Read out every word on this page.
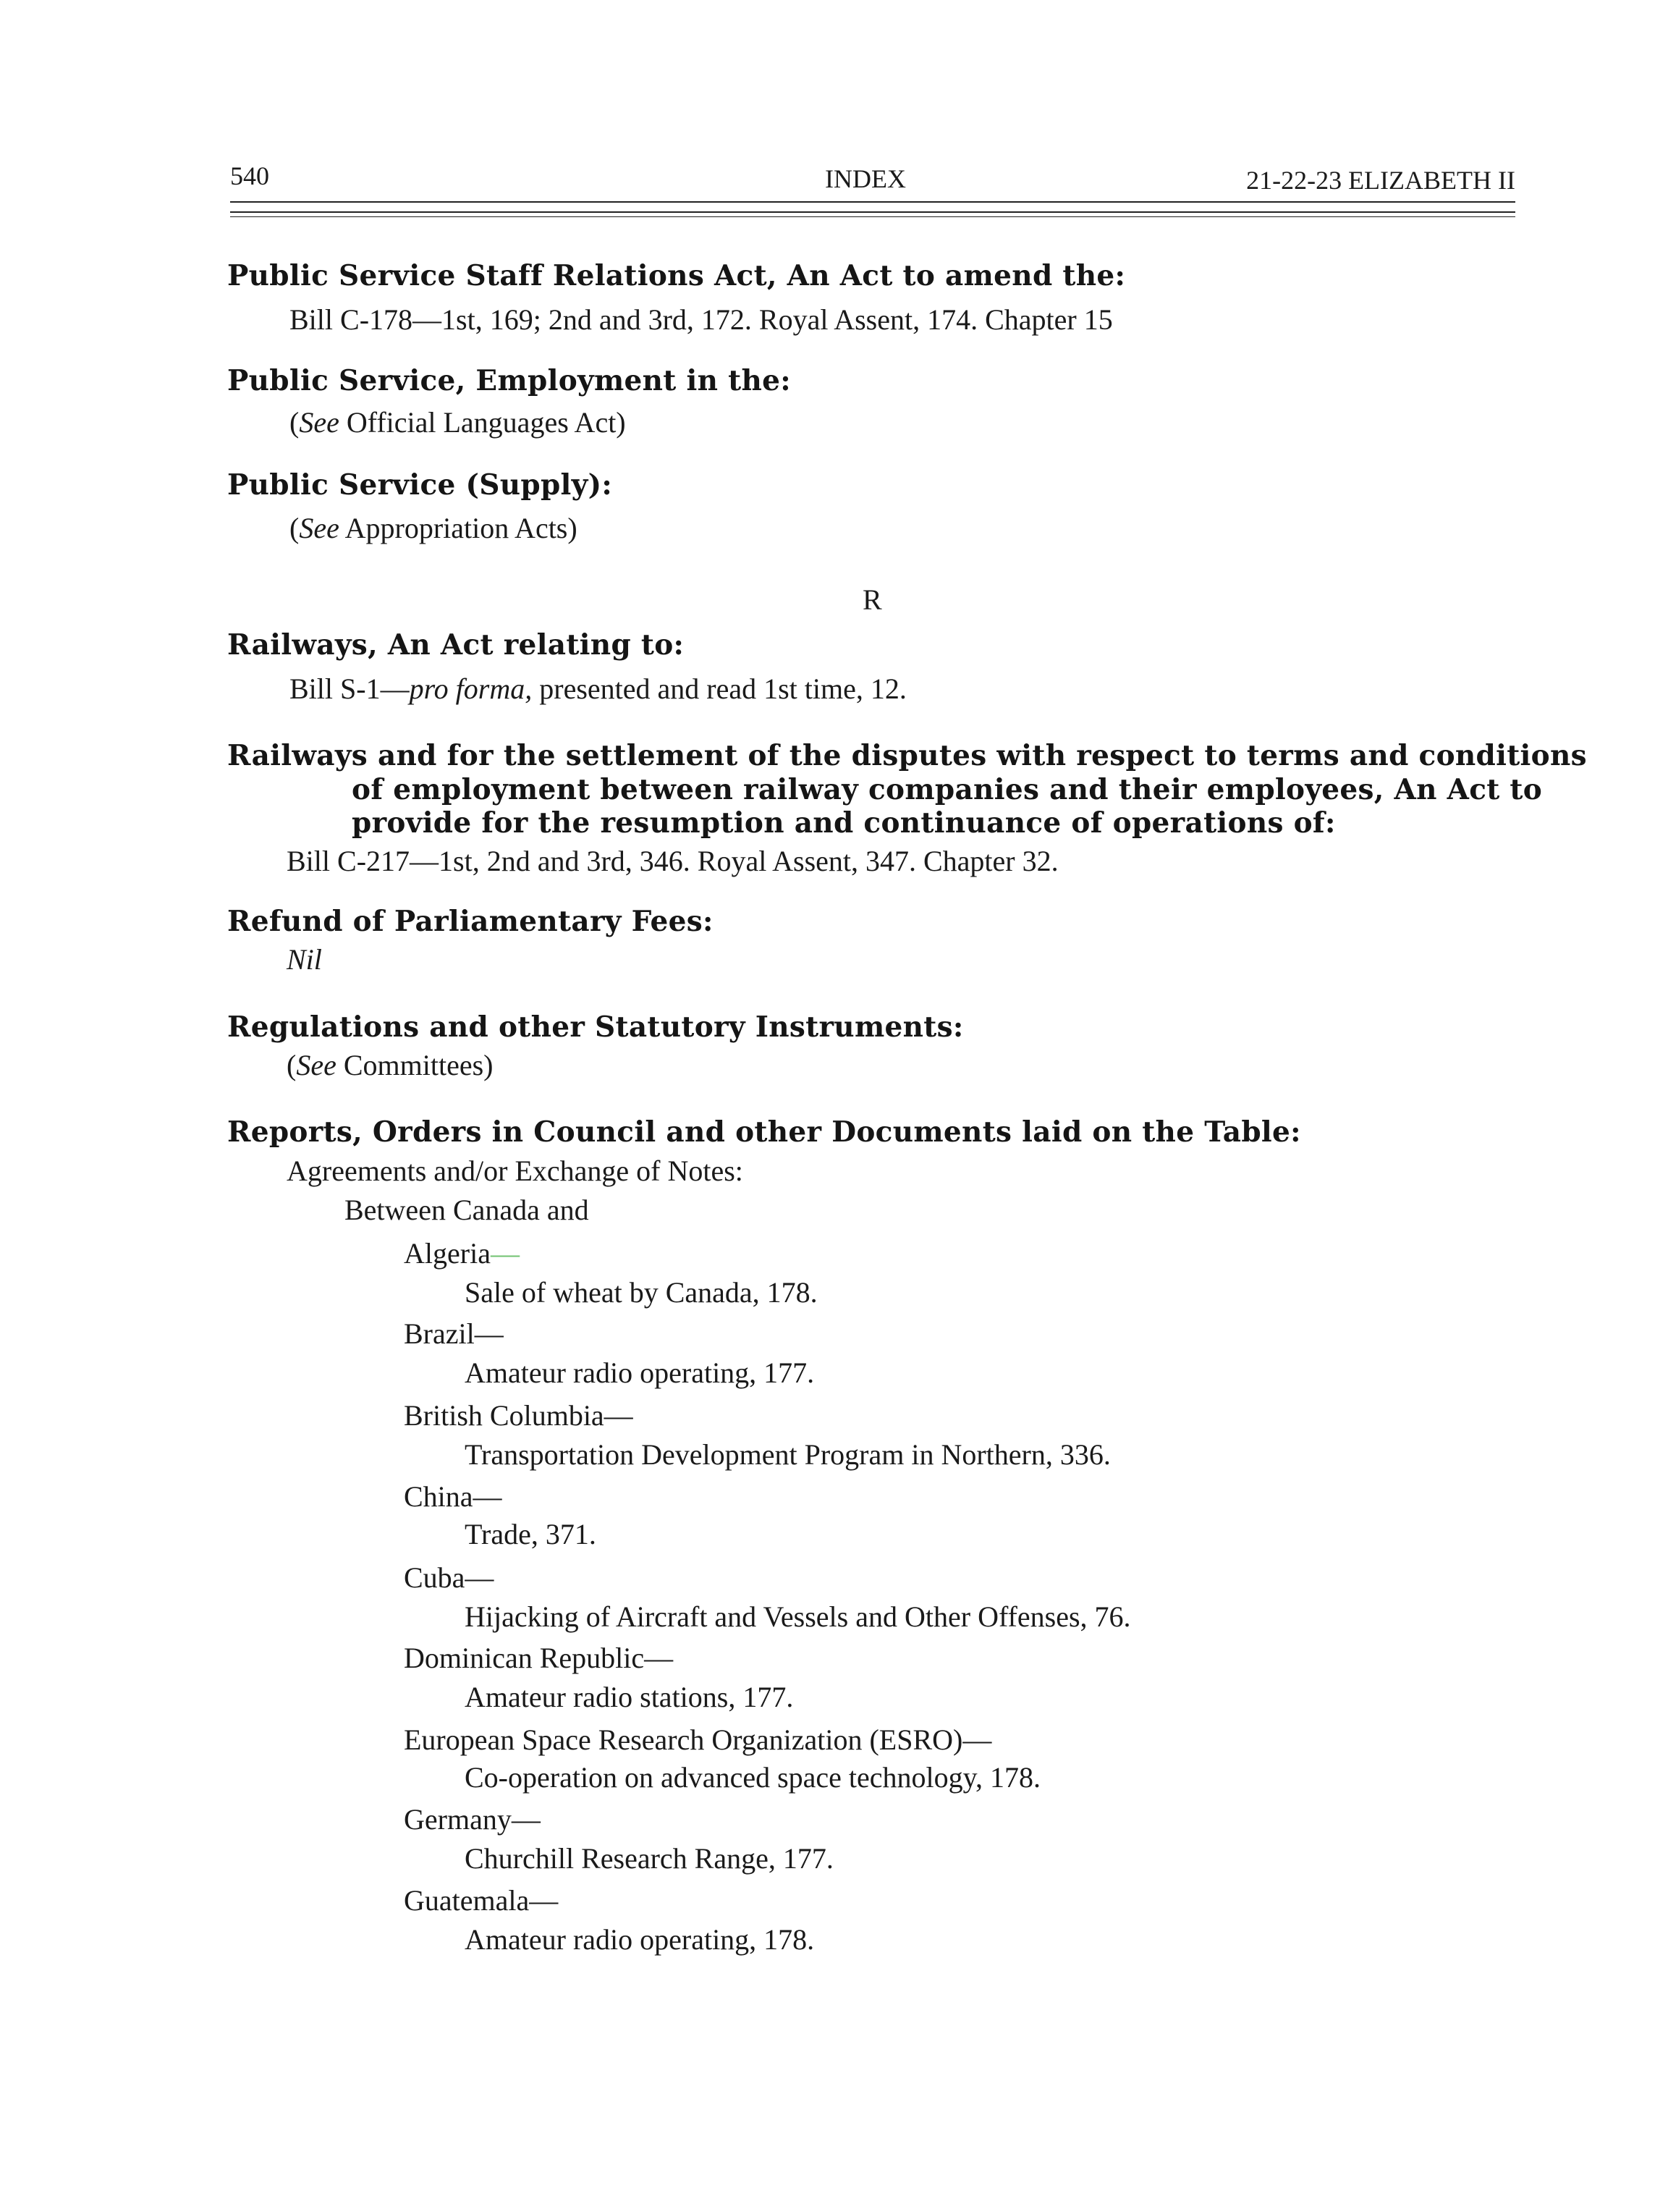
540	INDEX	21-22-23 ELIZABETH II
Public Service Staff Relations Act, An Act to amend the:
Bill C-178—1st, 169; 2nd and 3rd, 172. Royal Assent, 174. Chapter 15
Public Service, Employment in the:
(See Official Languages Act)
Public Service (Supply):
(See Appropriation Acts)
R
Railways, An Act relating to:
Bill S-1—pro forma, presented and read 1st time, 12.
Railways and for the settlement of the disputes with respect to terms and conditions
of employment between railway companies and their employees, An Act to
provide for the resumption and continuance of operations of:
Bill C-217—1st, 2nd and 3rd, 346. Royal Assent, 347. Chapter 32.
Refund of Parliamentary Fees:
Nil
Regulations and other Statutory Instruments:
(See Committees)
Reports, Orders in Council and other Documents laid on the Table:
Agreements and/or Exchange of Notes:
Between Canada and
Algeria—
Sale of wheat by Canada, 178.
Brazil—
Amateur radio operating, 177.
British Columbia—
Transportation Development Program in Northern, 336.
China—
Trade, 371.
Cuba—
Hijacking of Aircraft and Vessels and Other Offenses, 76.
Dominican Republic—
Amateur radio stations, 177.
European Space Research Organization (ESRO)—
Co-operation on advanced space technology, 178.
Germany—
Churchill Research Range, 177.
Guatemala—
Amateur radio operating, 178.
